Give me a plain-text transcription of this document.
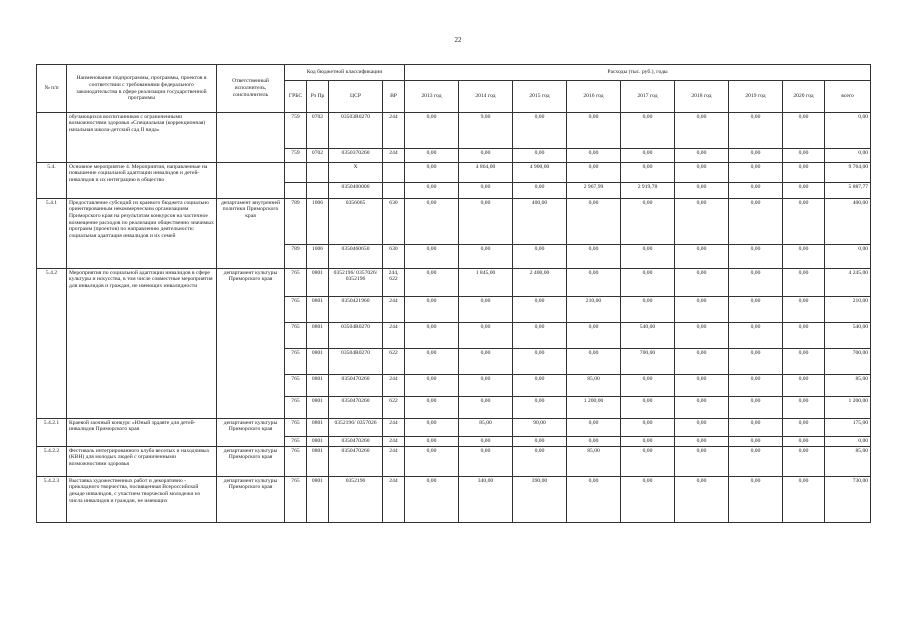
22
№ п/п	Наименование подпрограммы, программы, проектов в соответствии с требованиями федерального законодательства в сфере реализации государственной программы	Ответственный исполнитель, соисполнитель	Код бюджетной классификации				Расходы (тыс. руб.), годы								
			ГРБС	Рз Пр	ЦСР	ВР	2013 год	2014 год	2015 год	2016 год	2017 год	2018 год	2019 год	2020 год	всего
	обучающихся воспитанников с ограниченными возможностями здоровья «Специальная (коррекционная) начальная школа-детский сад II вида»		759	0702	03503R0270	244	0,00	9,00	0,00	0,00	0,00	0,00	0,00	0,00	0,00
			759	0702	0350370260	244	0,00	0,00	0,00	0,00	0,00	0,00	0,00	0,00	0,00
5.4.	Основное мероприятие 4. Мероприятия, направленные на повышение социальной адаптации инвалидов и детей-инвалидов и их интеграцию в общество				X		0,00	4 864,00	4 900,00	0,00	0,00	0,00	0,00	0,00	9 764,00
					0350400000		0,00	0,00	0,00	2 967,99	2 919,78	0,00	0,00	0,00	5 887,77
5.4.1	Предоставление субсидий из краевого бюджета социально ориентированным некоммерческим организациям Приморского края на результатам конкурсов на частичное возмещение расходов по реализации общественно значимых программ (проектов) по направлению деятельности: социальная адаптация инвалидов и их семей	департамент внутренней политики Приморского края	789	1006	0356065	630	0,00	0,00	400,00	0,00	0,00	0,00	0,00	0,00	400,00
			789	1006	0350460650	630	0,00	0,00	0,00	0,00	0,00	0,00	0,00	0,00	0,00
5.4.2	Мероприятия по социальной адаптации инвалидов в сфере культуры и искусства, в том числе совместные мероприятия для инвалидов и граждан, не имеющих инвалидности	департамент культуры Приморского края	765	0801	0352196/ 0357026/ 0352196	244, 622	0,00	1 845,00	2 400,00	0,00	0,00	0,00	0,00	0,00	4 245,00
			765	0801	0350421960	244	0,00	0,00	0,00	210,00	0,00	0,00	0,00	0,00	210,00
			765	0801	03504R0270	244	0,00	0,00	0,00	0,00	540,00	0,00	0,00	0,00	540,00
			765	0801	03504R0270	622	0,00	0,00	0,00	0,00	700,00	0,00	0,00	0,00	700,00
			765	0801	0350470260	244	0,00	0,00	0,00	85,00	0,00	0,00	0,00	0,00	85,00
			765	0801	0350470260	622	0,00	0,00	0,00	1 200,00	0,00	0,00	0,00	0,00	1 200,00
5.4.2.1	Краевой заочный конкурс «Юный зрдавте для детей-инвалидов Приморского края	департамент культуры Приморского края	765	0801	0352196/ 0357026	244	0,00	85,00	90,00	0,00	0,00	0,00	0,00	0,00	175,00
			765	0801	0350470260	244	0,00	0,00	0,00	0,00	0,00	0,00	0,00	0,00	0,00
5.4.2.2	Фестиваль интегрированного клуба веселых и находчивых (КВН) для молодых людей с ограниченными возможностями здоровья	департамент культуры Приморского края	765	0801	0350470260	244	0,00	0,00	0,00	85,00	0,00	0,00	0,00	0,00	85,00
5.4.2.3	Выставка художественных работ и декоративно - прикладного творчества, посвященная Всероссийской декаде инвалидов, с участием творческой молодежи из числа инвалидов и граждан, не имеющих	департамент культуры Приморского края	765	0801	0352196	244	0,00	340,00	390,00	0,00	0,00	0,00	0,00	0,00	730,00
